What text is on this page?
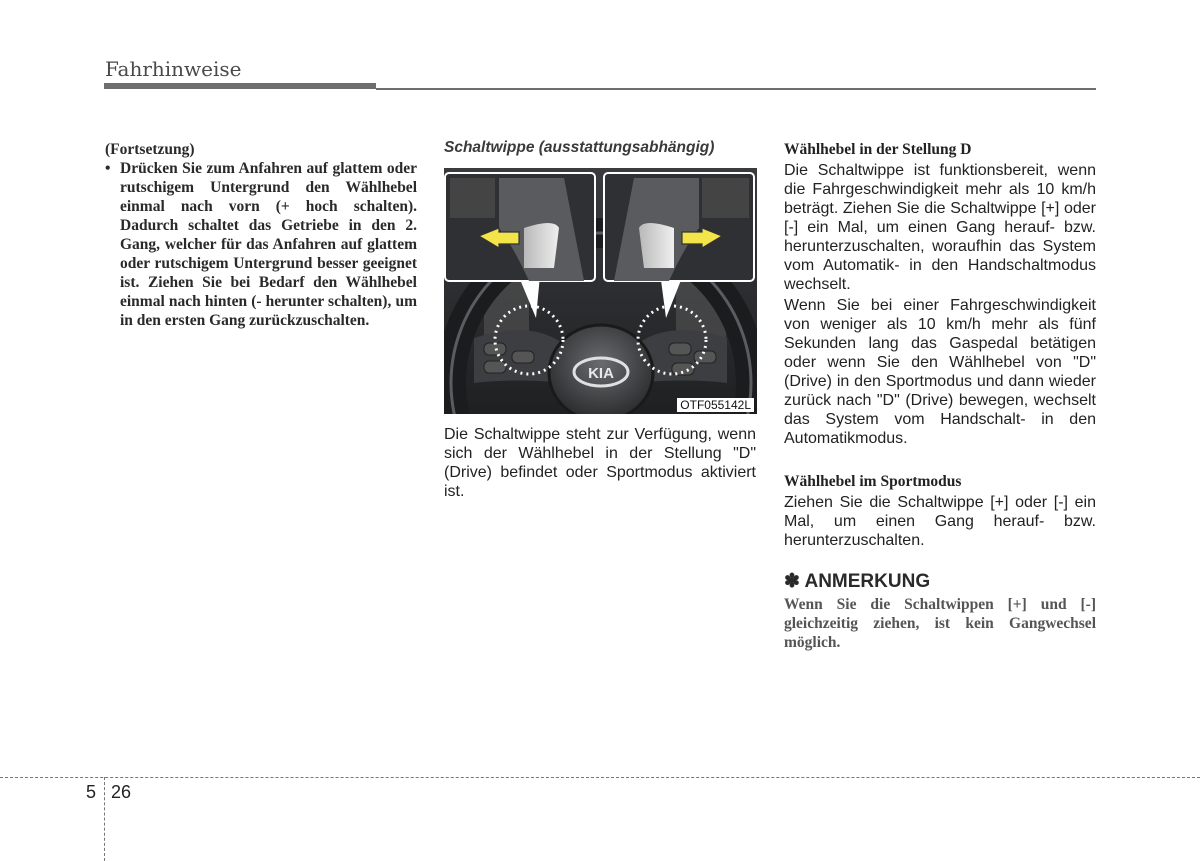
Fahrhinweise

(Fortsetzung)

• Drücken Sie zum Anfahren auf glattem oder rutschigem Untergrund den Wählhebel einmal nach vorn (+ hoch schalten). Dadurch schaltet das Getriebe in den 2. Gang, welcher für das Anfahren auf glattem oder rutschigem Untergrund besser geeignet ist. Ziehen Sie bei Bedarf den Wählhebel einmal nach hinten (- herunter schalten), um in den ersten Gang zurückzuschalten.

Schaltwippe (ausstattungsabhängig)
KIA
OTF055142L

Die Schaltwippe steht zur Verfügung, wenn sich der Wählhebel in der Stellung "D" (Drive) befindet oder Sportmodus aktiviert ist.

Wählhebel in der Stellung D

Die Schaltwippe ist funktionsbereit, wenn die Fahrgeschwindigkeit mehr als 10 km/h beträgt. Ziehen Sie die Schaltwippe [+] oder [-] ein Mal, um einen Gang herauf- bzw. herunterzuschalten, woraufhin das System vom Automatik- in den Handschaltmodus wechselt.

Wenn Sie bei einer Fahrgeschwindigkeit von weniger als 10 km/h mehr als fünf Sekunden lang das Gaspedal betätigen oder wenn Sie den Wählhebel von "D" (Drive) in den Sportmodus und dann wieder zurück nach "D" (Drive) bewegen, wechselt das System vom Handschalt- in den Automatikmodus.

Wählhebel im Sportmodus

Ziehen Sie die Schaltwippe [+] oder [-] ein Mal, um einen Gang herauf- bzw. herunterzuschalten.

✽ ANMERKUNG

Wenn Sie die Schaltwippen [+] und [-] gleichzeitig ziehen, ist kein Gangwechsel möglich.

5 26
